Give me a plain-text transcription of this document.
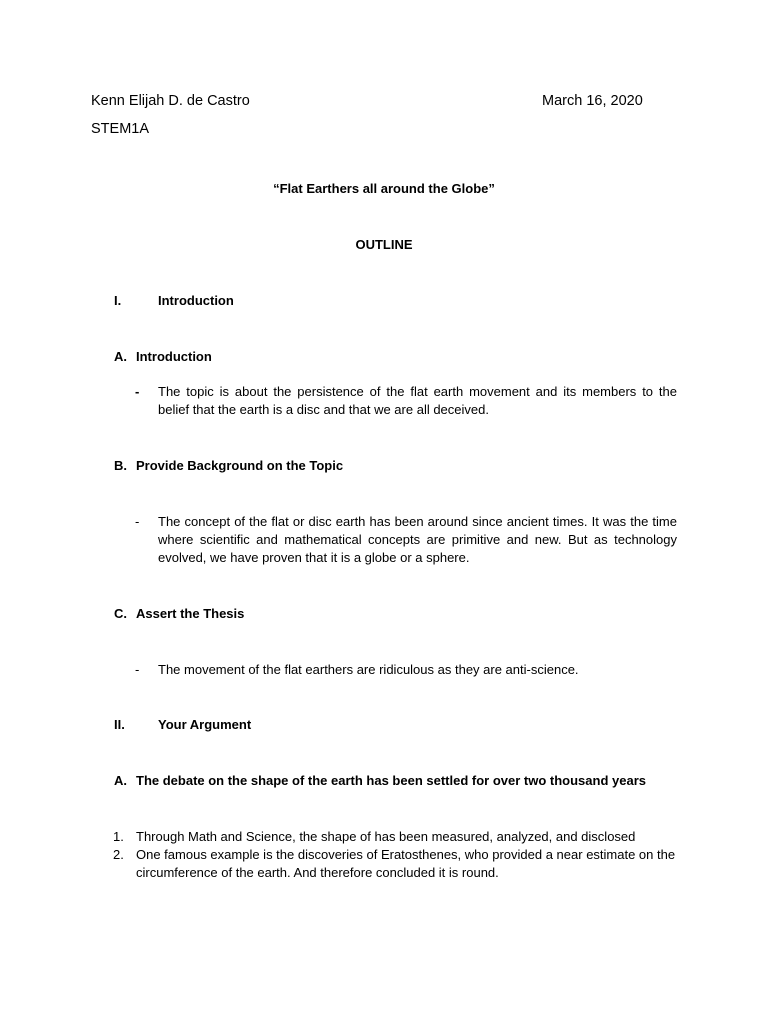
Kenn Elijah D. de Castro	March 16, 2020
STEM1A
“Flat Earthers all around the Globe”
OUTLINE
I.	Introduction
A. Introduction
- The topic is about the persistence of the flat earth movement and its members to the belief that the earth is a disc and that we are all deceived.
B. Provide Background on the Topic
- The concept of the flat or disc earth has been around since ancient times. It was the time where scientific and mathematical concepts are primitive and new. But as technology evolved, we have proven that it is a globe or a sphere.
C. Assert the Thesis
- The movement of the flat earthers are ridiculous as they are anti-science.
II.	Your Argument
A. The debate on the shape of the earth has been settled for over two thousand years
1. Through Math and Science, the shape of has been measured, analyzed, and disclosed
2. One famous example is the discoveries of Eratosthenes, who provided a near estimate on the circumference of the earth. And therefore concluded it is round.
